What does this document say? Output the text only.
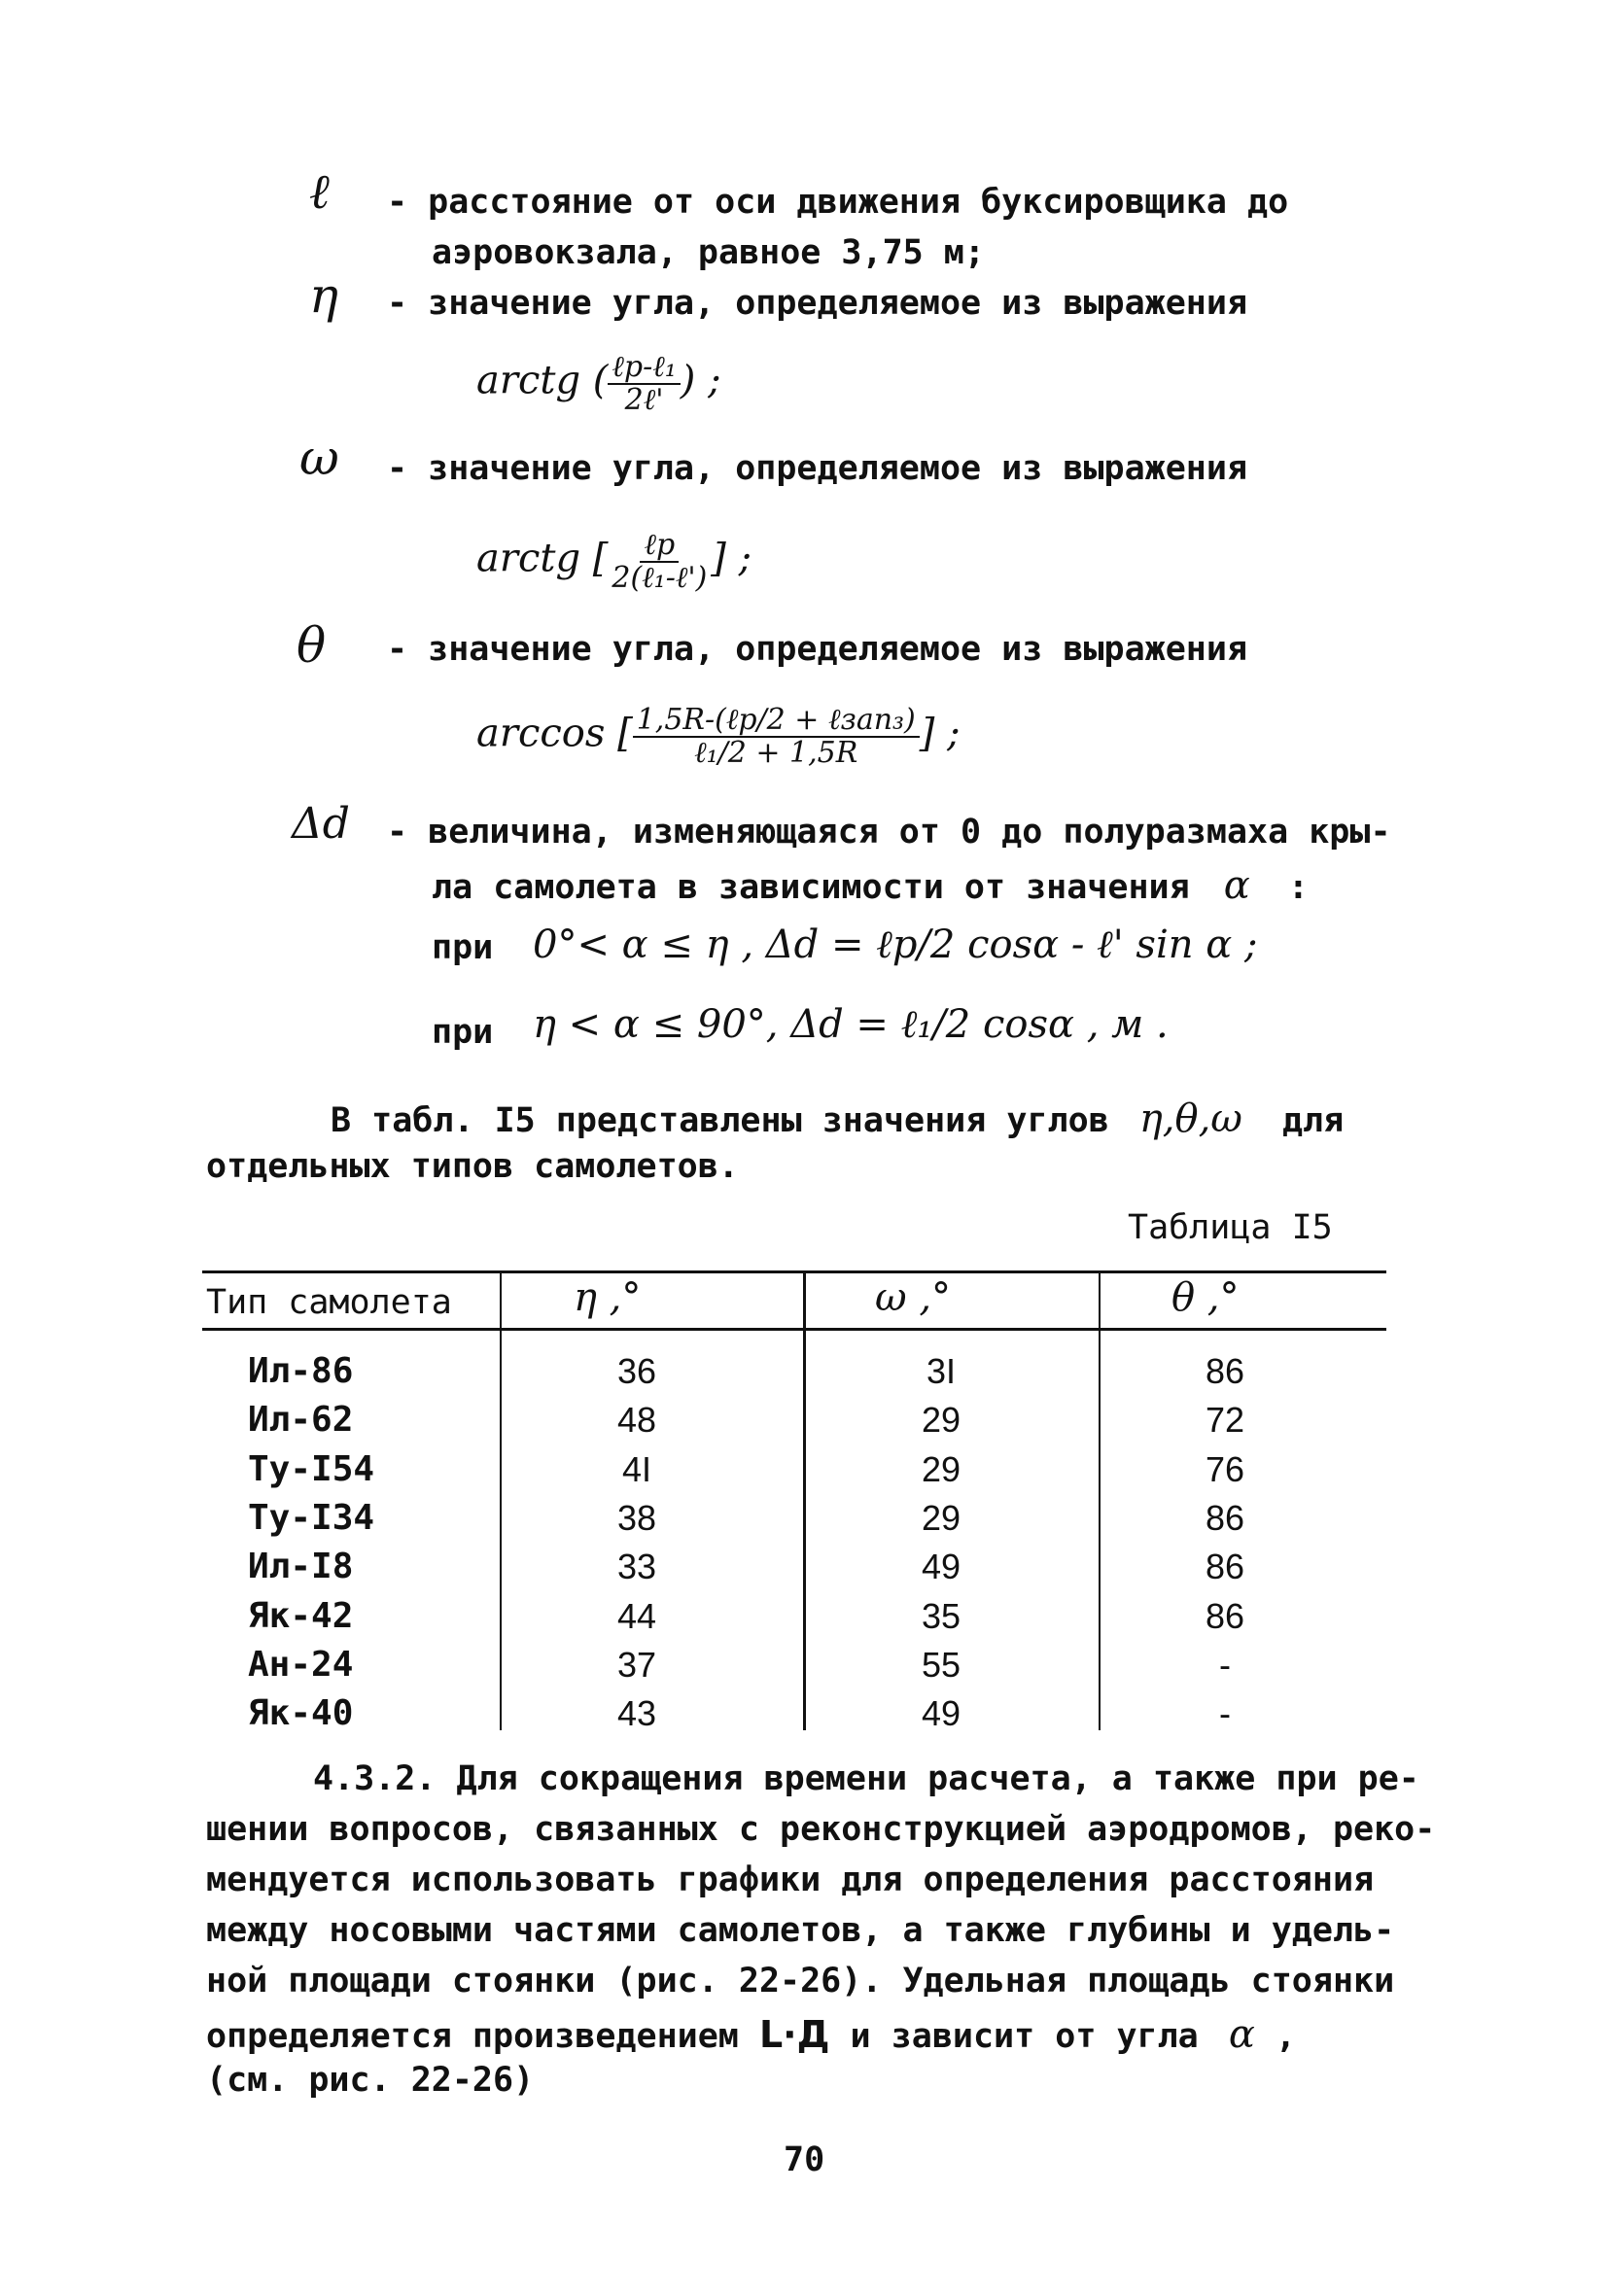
ℓ - расстояние от оси движения буксировщика до
аэровокзала, равное 3,75 м;
η - значение угла, определяемое из выражения
arctg ( $\frac{\text{ℓр-ℓ₁}}{\text{2ℓ'}}$ ) ;
ω - значение угла, определяемое из выражения
arctg [ $\frac{\text{ℓр}}{\text{2(ℓ₁-ℓ')}}$ ] ;
θ - значение угла, определяемое из выражения
arccos [ $\frac{\text{1,5R-(ℓр/2 + ℓзап₃)}}{\text{ℓ₁/2 + 1,5R}}$ ] ;
Δd - величина, изменяющаяся от 0 до полуразмаха кры-
ла самолета в зависимости от значения α :
при 0°< α ≤ η , Δd = ℓр/2 cosα - ℓ' sin α ;
при η < α ≤ 90°, Δd = ℓ₁/2 cosα , м .
В табл. I5 представлены значения углов η,θ,ω для
отдельных типов самолетов.
Таблица I5
Тип самолета	η ,°	ω ,°	θ ,°
Ил-86	36	3I	86
Ил-62	48	29	72
Ту-I54	4I	29	76
Ту-I34	38	29	86
Ил-I8	33	49	86
Як-42	44	35	86
Ан-24	37	55	-
Як-40	43	49	-
4.3.2. Для сокращения времени расчета, а также при ре-
шении вопросов, связанных с реконструкцией аэродромов, реко-
мендуется использовать графики для определения расстояния
между носовыми частями самолетов, а также глубины и удель-
ной площади стоянки (рис. 22-26). Удельная площадь стоянки
определяется произведением L·Д и зависит от угла α ,
(см. рис. 22-26)
70
